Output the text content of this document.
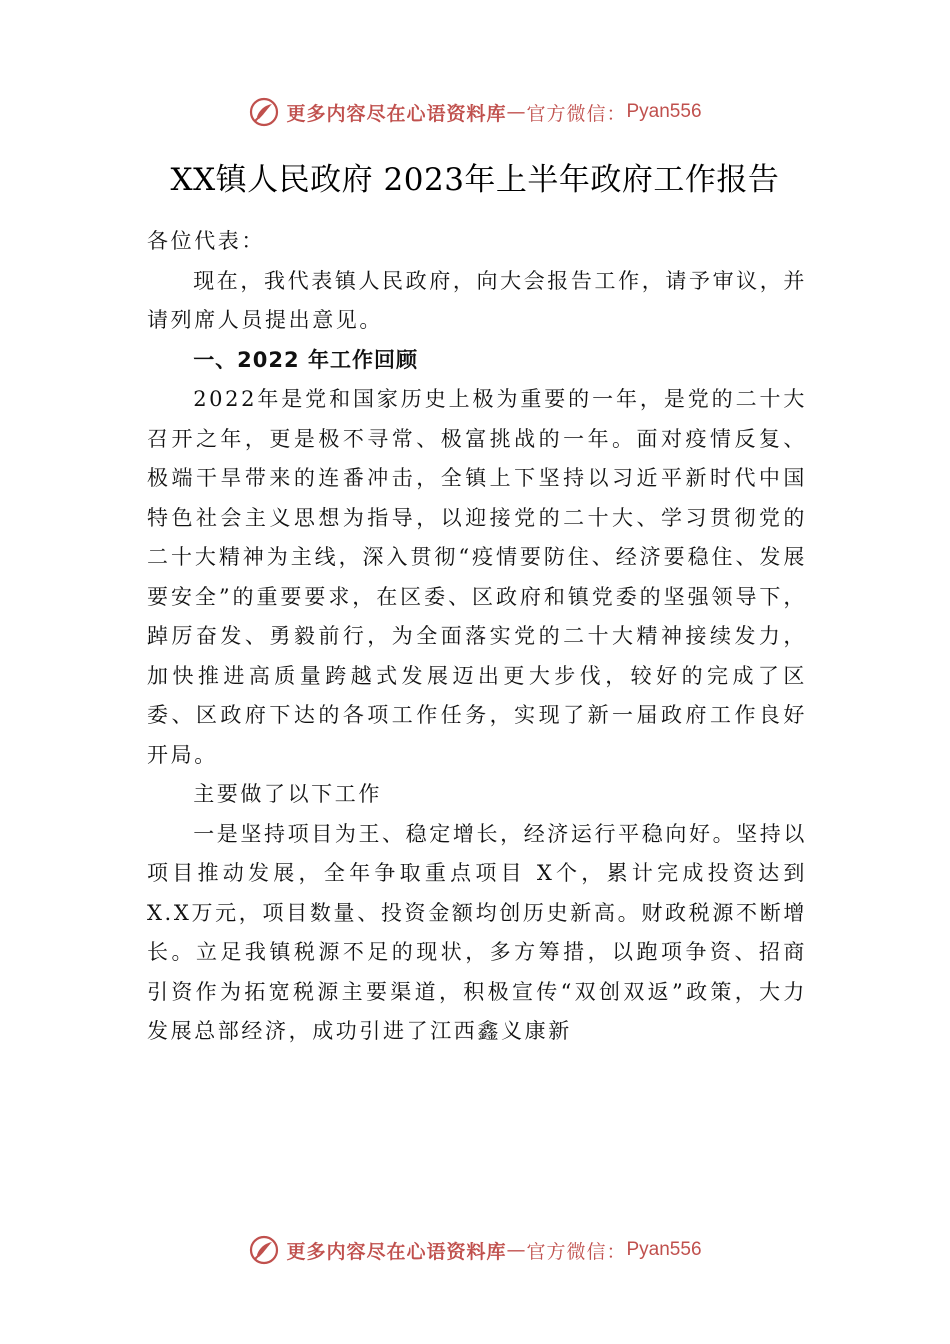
更多内容尽在心语资料库 — 官方微信： Pyan556
XX镇人民政府 2023年上半年政府工作报告

各位代表：

现在，我代表镇人民政府，向大会报告工作，请予审议，并请列席人员提出意见。

一、2022 年工作回顾

2022年是党和国家历史上极为重要的一年，是党的二十大召开之年，更是极不寻常、极富挑战的一年。面对疫情反复、极端干旱带来的连番冲击，全镇上下坚持以习近平新时代中国特色社会主义思想为指导，以迎接党的二十大、学习贯彻党的二十大精神为主线，深入贯彻“疫情要防住、经济要稳住、发展要安全”的重要要求，在区委、区政府和镇党委的坚强领导下，踔厉奋发、勇毅前行，为全面落实党的二十大精神接续发力，加快推进高质量跨越式发展迈出更大步伐，较好的完成了区委、区政府下达的各项工作任务，实现了新一届政府工作良好开局。

主要做了以下工作

一是坚持项目为王、稳定增长，经济运行平稳向好。坚持以项目推动发展，全年争取重点项目 X个，累计完成投资达到 X.X万元，项目数量、投资金额均创历史新高。财政税源不断增长。立足我镇税源不足的现状，多方筹措，以跑项争资、招商引资作为拓宽税源主要渠道，积极宣传“双创双返”政策，大力发展总部经济，成功引进了江西鑫义康新

更多内容尽在心语资料库 — 官方微信： Pyan556
